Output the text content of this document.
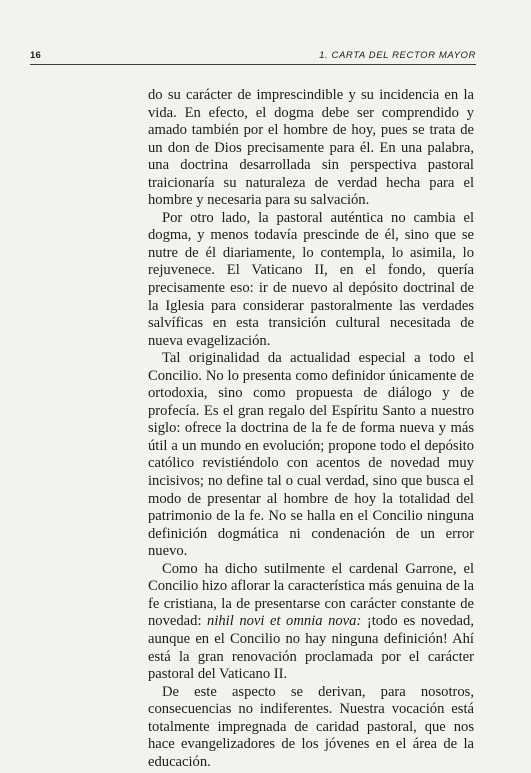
16	1. CARTA DEL RECTOR MAYOR

do su carácter de imprescindible y su incidencia en la vida. En efecto, el dogma debe ser comprendido y amado también por el hombre de hoy, pues se trata de un don de Dios precisamente para él. En una palabra, una doctrina desarrollada sin perspectiva pastoral traicionaría su naturaleza de verdad hecha para el hombre y necesaria para su salvación.

Por otro lado, la pastoral auténtica no cambia el dogma, y menos todavía prescinde de él, sino que se nutre de él diariamente, lo contempla, lo asimila, lo rejuvenece. El Vaticano II, en el fondo, quería precisamente eso: ir de nuevo al depósito doctrinal de la Iglesia para considerar pastoralmente las verdades salvíficas en esta transición cultural necesitada de nueva evagelización.

Tal originalidad da actualidad especial a todo el Concilio. No lo presenta como definidor únicamente de ortodoxia, sino como propuesta de diálogo y de profecía. Es el gran regalo del Espíritu Santo a nuestro siglo: ofrece la doctrina de la fe de forma nueva y más útil a un mundo en evolución; propone todo el depósito católico revistiéndolo con acentos de novedad muy incisivos; no define tal o cual verdad, sino que busca el modo de presentar al hombre de hoy la totalidad del patrimonio de la fe. No se halla en el Concilio ninguna definición dogmática ni condenación de un error nuevo.

Como ha dicho sutilmente el cardenal Garrone, el Concilio hizo aflorar la característica más genuina de la fe cristiana, la de presentarse con carácter constante de novedad: nihil novi et omnia nova: ¡todo es novedad, aunque en el Concilio no hay ninguna definición! Ahí está la gran renovación proclamada por el carácter pastoral del Vaticano II.

De este aspecto se derivan, para nosotros, consecuencias no indiferentes. Nuestra vocación está totalmente impregnada de caridad pastoral, que nos hace evangelizadores de los jóvenes en el área de la educación.
